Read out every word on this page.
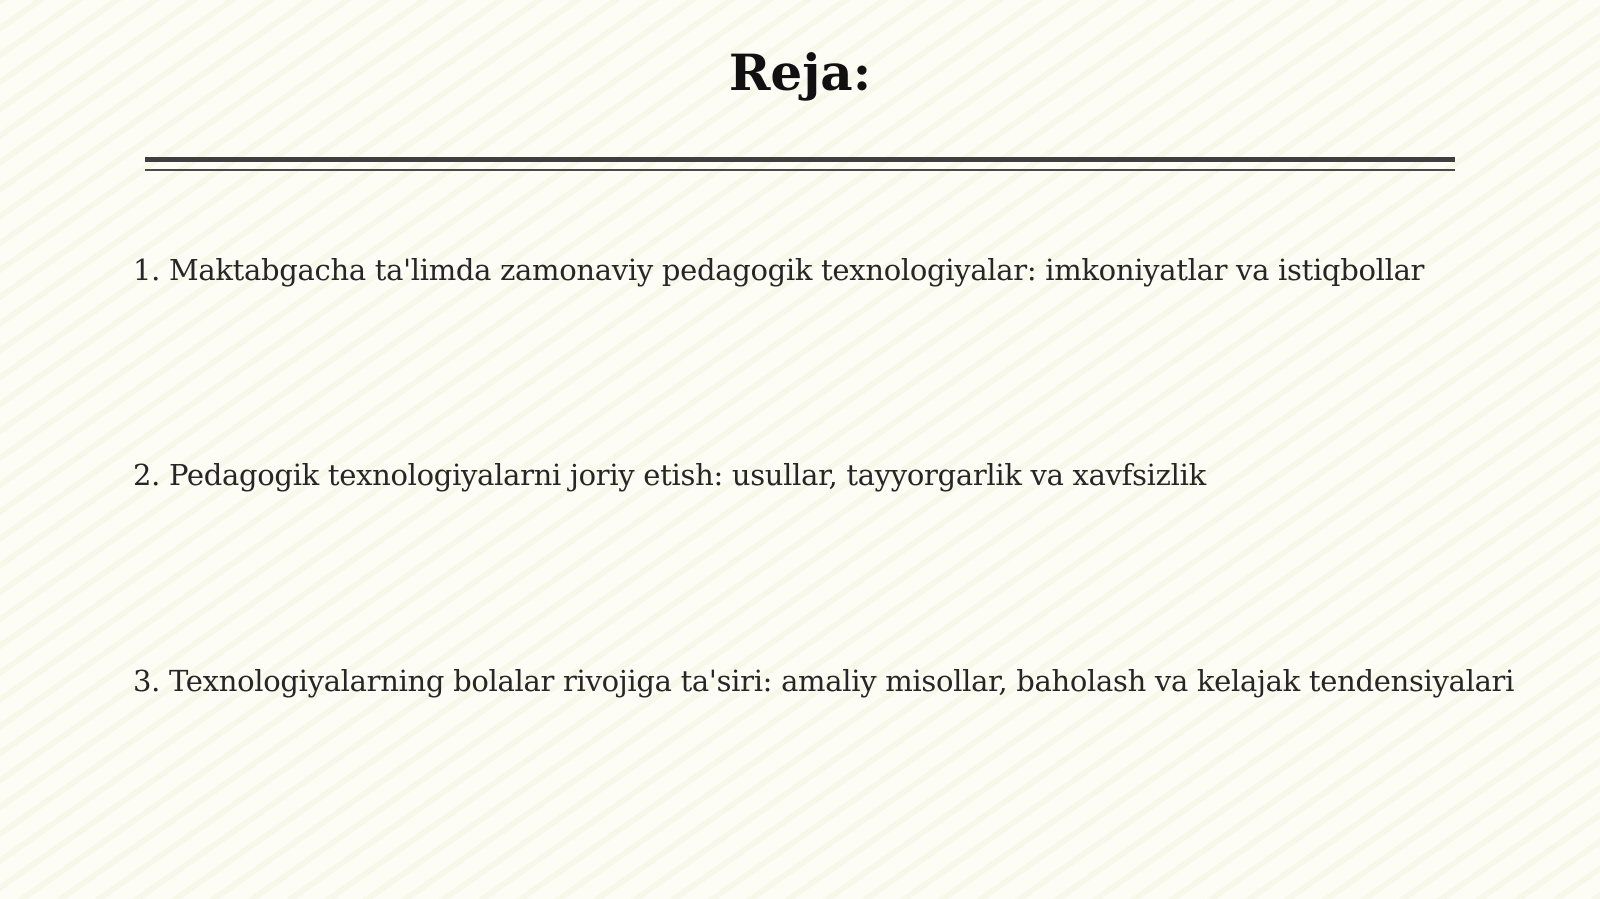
Reja:
1. Maktabgacha ta'limda zamonaviy pedagogik texnologiyalar: imkoniyatlar va istiqbollar
2. Pedagogik texnologiyalarni joriy etish: usullar, tayyorgarlik va xavfsizlik
3. Texnologiyalarning bolalar rivojiga ta'siri: amaliy misollar, baholash va kelajak tendensiyalari
